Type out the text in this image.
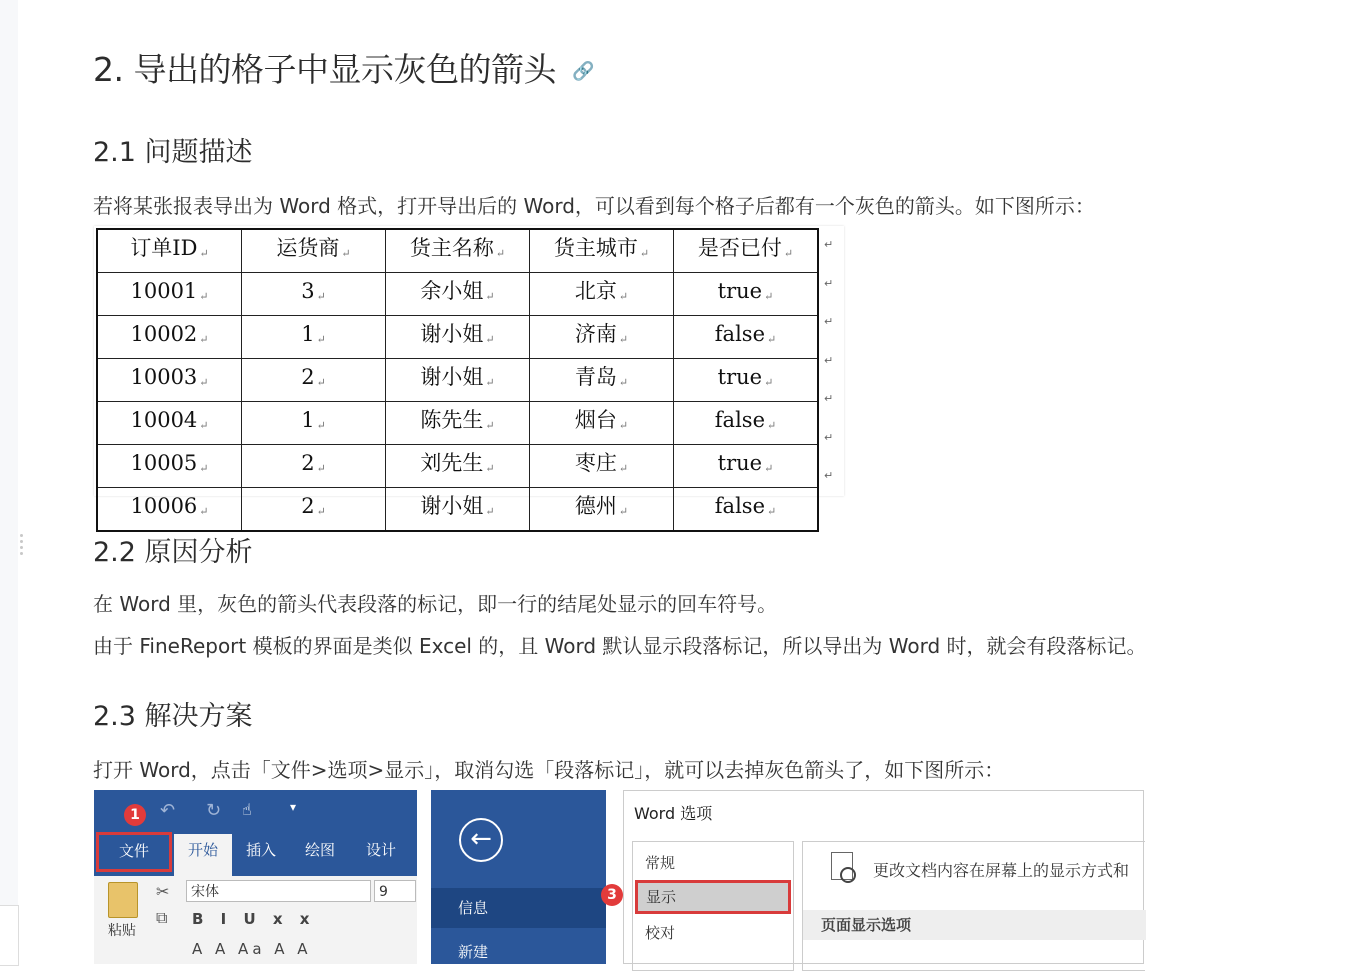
2. 导出的格子中显示灰色的箭头 🔗
2.1 问题描述

若将某张报表导出为 Word 格式，打开导出后的 Word，可以看到每个格子后都有一个灰色的箭头。如下图所示：

订单ID ↵	运货商 ↵	货主名称 ↵	货主城市 ↵	是否已付 ↵
10001 ↵	3 ↵	余小姐 ↵	北京 ↵	true ↵
10002 ↵	1 ↵	谢小姐 ↵	济南 ↵	false ↵
10003 ↵	2 ↵	谢小姐 ↵	青岛 ↵	true ↵
10004 ↵	1 ↵	陈先生 ↵	烟台 ↵	false ↵
10005 ↵	2 ↵	刘先生 ↵	枣庄 ↵	true ↵
10006 ↵	2 ↵	谢小姐 ↵	德州 ↵	false ↵
↵
↵
↵
↵
↵
↵
↵
2.2 原因分析

在 Word 里，灰色的箭头代表段落的标记，即一行的结尾处显示的回车符号。

由于 FineReport 模板的界面是类似 Excel 的，且 Word 默认显示段落标记，所以导出为 Word 时，就会有段落标记。

2.3 解决方案

打开 Word，点击「文件>选项>显示」，取消勾选「段落标记」，就可以去掉灰色箭头了，如下图所示：

↶ ↻ ☝	▾
1
文件	开始	插入 绘图 设计
粘贴
✂
⧉
宋体	9
B I U x x
A A Aa A A
←
信息
新建
3
Word 选项
常规
显示
校对
更改文档内容在屏幕上的显示方式和
页面显示选项
